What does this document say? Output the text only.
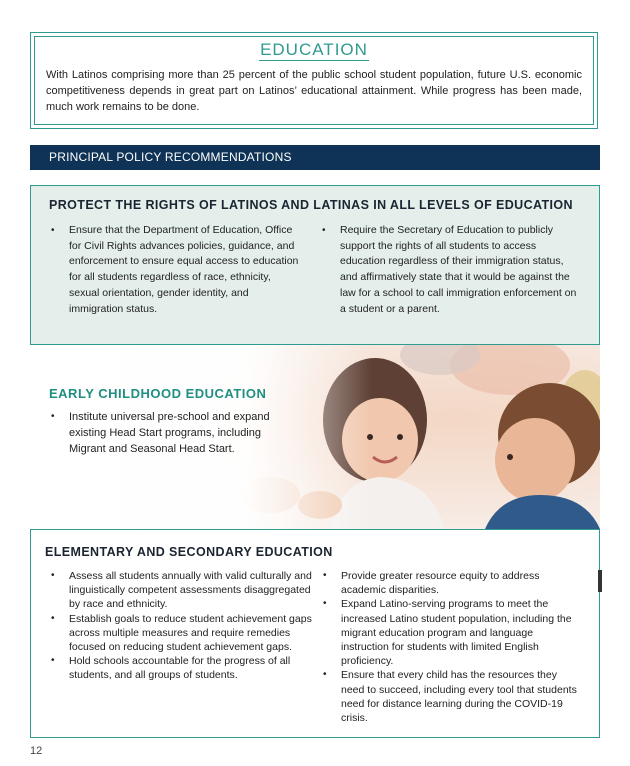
EDUCATION
With Latinos comprising more than 25 percent of the public school student population, future U.S. economic competitiveness depends in great part on Latinos’ educational attainment. While progress has been made, much work remains to be done.
PRINCIPAL POLICY RECOMMENDATIONS
PROTECT THE RIGHTS OF LATINOS AND LATINAS IN ALL LEVELS OF EDUCATION

• Ensure that the Department of Education, Office for Civil Rights advances policies, guidance, and enforcement to ensure equal access to education for all students regardless of race, ethnicity, sexual orientation, gender identity, and immigration status.

• Require the Secretary of Education to publicly support the rights of all students to access education regardless of their immigration status, and affirmatively state that it would be against the law for a school to call immigration enforcement on a student or a parent.

EARLY CHILDHOOD EDUCATION

• Institute universal pre-school and expand existing Head Start programs, including Migrant and Seasonal Head Start.

ELEMENTARY AND SECONDARY EDUCATION

• Assess all students annually with valid culturally and linguistically competent assessments disaggregated by race and ethnicity.

• Establish goals to reduce student achievement gaps across multiple measures and require remedies focused on reducing student achievement gaps.

• Hold schools accountable for the progress of all students, and all groups of students.

• Provide greater resource equity to address academic disparities.

• Expand Latino-serving programs to meet the increased Latino student population, including the migrant education program and language instruction for students with limited English proficiency.

• Ensure that every child has the resources they need to succeed, including every tool that students need for distance learning during the COVID-19 crisis.

12
